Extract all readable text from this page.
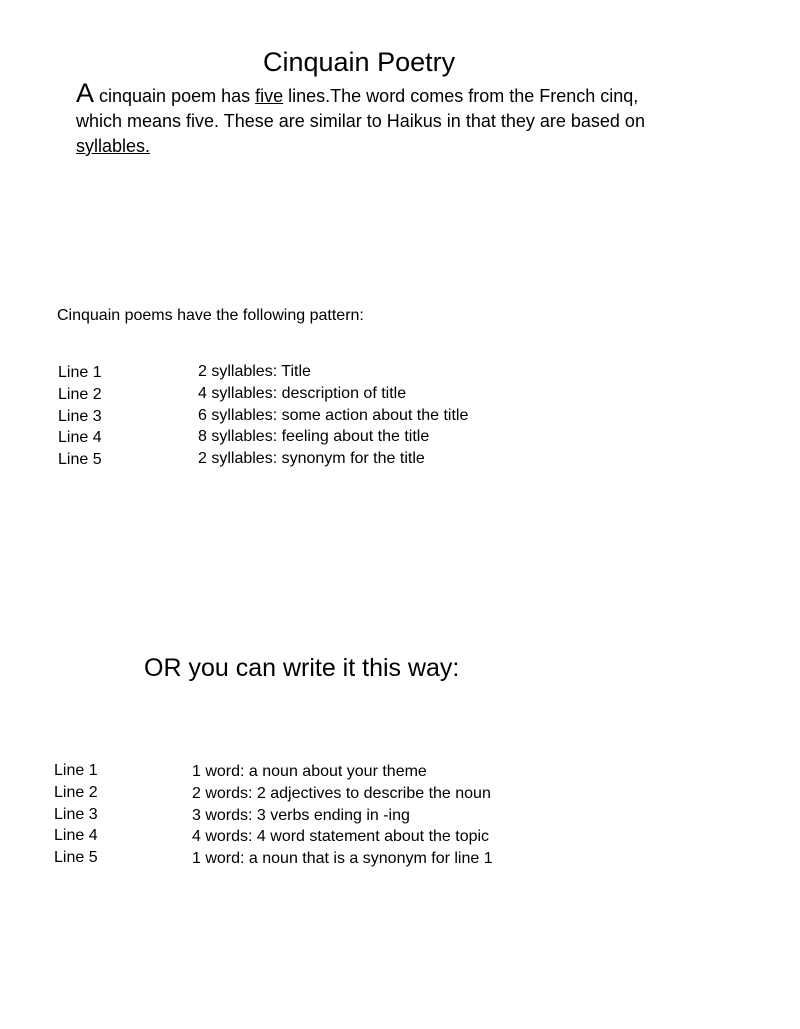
Cinquain Poetry
A cinquain poem has five lines.The word comes from the French cinq, which means five. These are similar to Haikus in that they are based on syllables.
Cinquain poems have the following pattern:
Line 1
Line 2
Line 3
Line 4
Line 5
2 syllables: Title
4 syllables: description of title
6 syllables: some action about the title
8 syllables: feeling about the title
2 syllables: synonym for the title
OR you can write it this way:
Line 1
Line 2
Line 3
Line 4
Line 5
1 word: a noun about your theme
2 words: 2 adjectives to describe the noun
3 words: 3 verbs ending in -ing
4 words: 4 word statement about the topic
1 word: a noun that is a synonym for line 1
